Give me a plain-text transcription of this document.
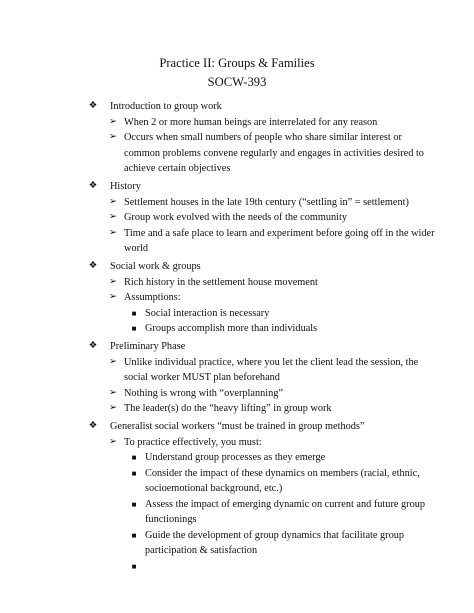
Practice II: Groups & Families
SOCW-393
❖ Introduction to group work
➢ When 2 or more human beings are interrelated for any reason
➢ Occurs when small numbers of people who share similar interest or
common problems convene regularly and engages in activities desired to
achieve certain objectives
❖ History
➢ Settlement houses in the late 19th century (“settling in” = settlement)
➢ Group work evolved with the needs of the community
➢ Time and a safe place to learn and experiment before going off in the wider
world
❖ Social work & groups
➢ Rich history in the settlement house movement
➢ Assumptions:
■ Social interaction is necessary
■ Groups accomplish more than individuals
❖ Preliminary Phase
➢ Unlike individual practice, where you let the client lead the session, the
social worker MUST plan beforehand
➢ Nothing is wrong with “overplanning”
➢ The leader(s) do the “heavy lifting” in group work
❖ Generalist social workers “must be trained in group methods”
➢ To practice effectively, you must:
■ Understand group processes as they emerge
■ Consider the impact of these dynamics on members (racial, ethnic,
socioemotional background, etc.)
■ Assess the impact of emerging dynamic on current and future group
functionings
■ Guide the development of group dynamics that facilitate group
participation & satisfaction
■
